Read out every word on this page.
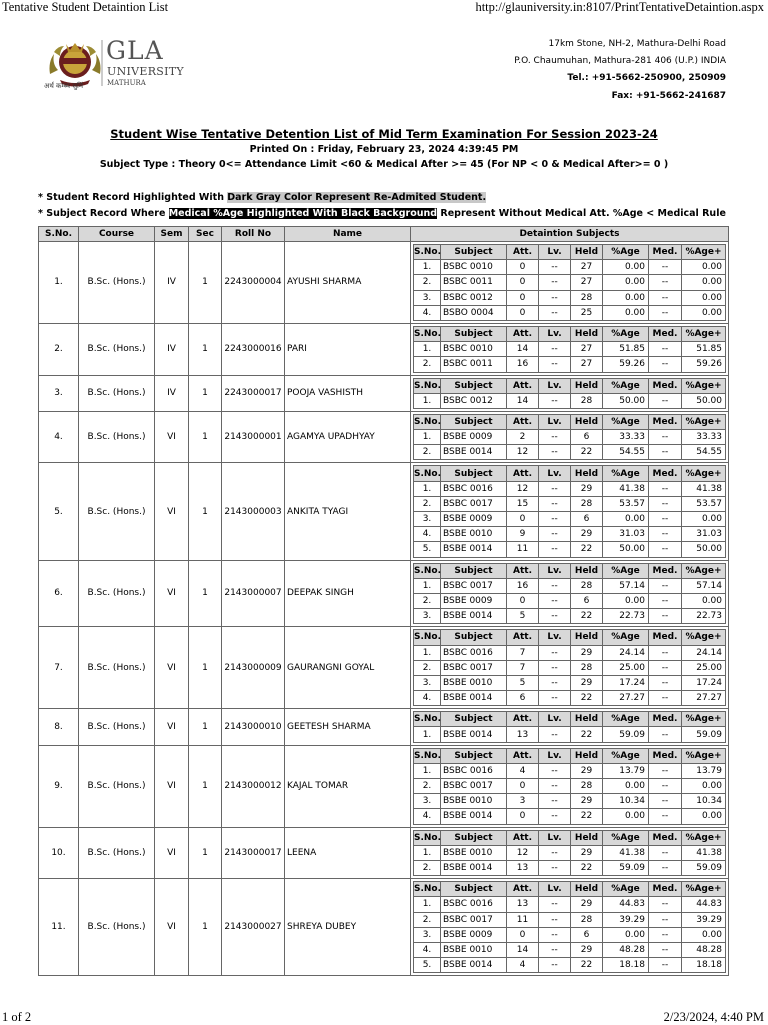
Tentative Student Detaintion List	http://glauniversity.in:8107/PrintTentativeDetaintion.aspx
GLA
UNIVERSITY
MATHURA
अर्थ कम्ब्य सुमिं
17km Stone, NH-2, Mathura-Delhi Road
P.O. Chaumuhan, Mathura-281 406 (U.P.) INDIA
Tel.: +91-5662-250900, 250909
Fax: +91-5662-241687
Student Wise Tentative Detention List of Mid Term Examination For Session 2023-24
Printed On : Friday, February 23, 2024 4:39:45 PM
Subject Type : Theory 0<= Attendance Limit <60 & Medical After >= 45 (For NP < 0 & Medical After>= 0 )
* Student Record Highlighted With Dark Gray Color Represent Re-Admited Student.
* Subject Record Where Medical %Age Highlighted With Black Background Represent Without Medical Att. %Age < Medical Rule
S.No.	Course	Sem	Sec	Roll No	Name	Detaintion Subjects
1.	B.Sc. (Hons.)	IV	1	2243000004	AYUSHI SHARMA	
S.No.	Subject	Att.	Lv.	Held	%Age	Med.	%Age+
1.	BSBC 0010	0	--	27	0.00	--	0.00
2.	BSBC 0011	0	--	27	0.00	--	0.00
3.	BSBC 0012	0	--	28	0.00	--	0.00
4.	BSBO 0004	0	--	25	0.00	--	0.00

2.	B.Sc. (Hons.)	IV	1	2243000016	PARI	
S.No.	Subject	Att.	Lv.	Held	%Age	Med.	%Age+
1.	BSBC 0010	14	--	27	51.85	--	51.85
2.	BSBC 0011	16	--	27	59.26	--	59.26

3.	B.Sc. (Hons.)	IV	1	2243000017	POOJA VASHISTH	
S.No.	Subject	Att.	Lv.	Held	%Age	Med.	%Age+
1.	BSBC 0012	14	--	28	50.00	--	50.00

4.	B.Sc. (Hons.)	VI	1	2143000001	AGAMYA UPADHYAY	
S.No.	Subject	Att.	Lv.	Held	%Age	Med.	%Age+
1.	BSBE 0009	2	--	6	33.33	--	33.33
2.	BSBE 0014	12	--	22	54.55	--	54.55

5.	B.Sc. (Hons.)	VI	1	2143000003	ANKITA TYAGI	
S.No.	Subject	Att.	Lv.	Held	%Age	Med.	%Age+
1.	BSBC 0016	12	--	29	41.38	--	41.38
2.	BSBC 0017	15	--	28	53.57	--	53.57
3.	BSBE 0009	0	--	6	0.00	--	0.00
4.	BSBE 0010	9	--	29	31.03	--	31.03
5.	BSBE 0014	11	--	22	50.00	--	50.00

6.	B.Sc. (Hons.)	VI	1	2143000007	DEEPAK SINGH	
S.No.	Subject	Att.	Lv.	Held	%Age	Med.	%Age+
1.	BSBC 0017	16	--	28	57.14	--	57.14
2.	BSBE 0009	0	--	6	0.00	--	0.00
3.	BSBE 0014	5	--	22	22.73	--	22.73

7.	B.Sc. (Hons.)	VI	1	2143000009	GAURANGNI GOYAL	
S.No.	Subject	Att.	Lv.	Held	%Age	Med.	%Age+
1.	BSBC 0016	7	--	29	24.14	--	24.14
2.	BSBC 0017	7	--	28	25.00	--	25.00
3.	BSBE 0010	5	--	29	17.24	--	17.24
4.	BSBE 0014	6	--	22	27.27	--	27.27

8.	B.Sc. (Hons.)	VI	1	2143000010	GEETESH SHARMA	
S.No.	Subject	Att.	Lv.	Held	%Age	Med.	%Age+
1.	BSBE 0014	13	--	22	59.09	--	59.09

9.	B.Sc. (Hons.)	VI	1	2143000012	KAJAL TOMAR	
S.No.	Subject	Att.	Lv.	Held	%Age	Med.	%Age+
1.	BSBC 0016	4	--	29	13.79	--	13.79
2.	BSBC 0017	0	--	28	0.00	--	0.00
3.	BSBE 0010	3	--	29	10.34	--	10.34
4.	BSBE 0014	0	--	22	0.00	--	0.00

10.	B.Sc. (Hons.)	VI	1	2143000017	LEENA	
S.No.	Subject	Att.	Lv.	Held	%Age	Med.	%Age+
1.	BSBE 0010	12	--	29	41.38	--	41.38
2.	BSBE 0014	13	--	22	59.09	--	59.09

11.	B.Sc. (Hons.)	VI	1	2143000027	SHREYA DUBEY	
S.No.	Subject	Att.	Lv.	Held	%Age	Med.	%Age+
1.	BSBC 0016	13	--	29	44.83	--	44.83
2.	BSBC 0017	11	--	28	39.29	--	39.29
3.	BSBE 0009	0	--	6	0.00	--	0.00
4.	BSBE 0010	14	--	29	48.28	--	48.28
5.	BSBE 0014	4	--	22	18.18	--	18.18
1 of 2	2/23/2024, 4:40 PM
